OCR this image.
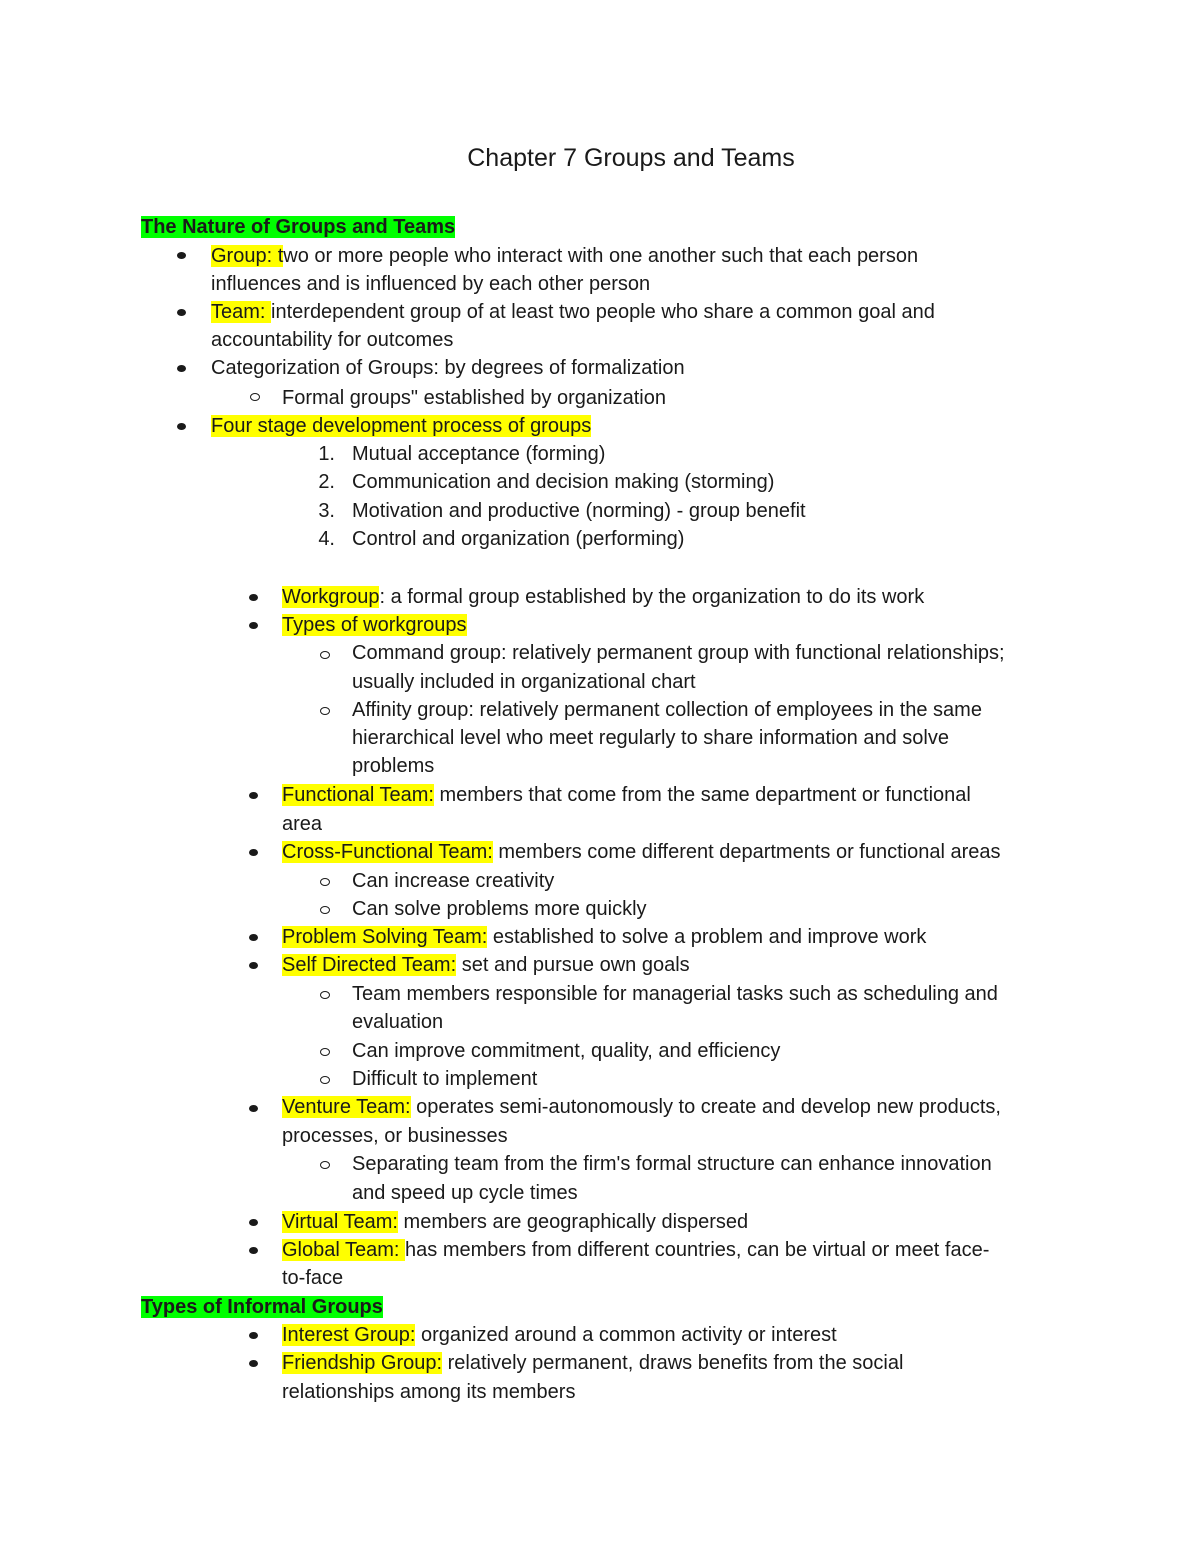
Chapter 7 Groups and Teams
The Nature of Groups and Teams
Group: two or more people who interact with one another such that each person
influences and is influenced by each other person
Team: interdependent group of at least two people who share a common goal and
accountability for outcomes
Categorization of Groups: by degrees of formalization
Formal groups" established by organization
Four stage development process of groups
1. Mutual acceptance (forming)
2. Communication and decision making (storming)
3. Motivation and productive (norming) - group benefit
4. Control and organization (performing)
Workgroup: a formal group established by the organization to do its work
Types of workgroups
Command group: relatively permanent group with functional relationships;
usually included in organizational chart
Affinity group: relatively permanent collection of employees in the same
hierarchical level who meet regularly to share information and solve
problems
Functional Team: members that come from the same department or functional
area
Cross-Functional Team: members come different departments or functional areas
Can increase creativity
Can solve problems more quickly
Problem Solving Team: established to solve a problem and improve work
Self Directed Team: set and pursue own goals
Team members responsible for managerial tasks such as scheduling and
evaluation
Can improve commitment, quality, and efficiency
Difficult to implement
Venture Team: operates semi-autonomously to create and develop new products,
processes, or businesses
Separating team from the firm's formal structure can enhance innovation
and speed up cycle times
Virtual Team: members are geographically dispersed
Global Team: has members from different countries, can be virtual or meet face-
to-face
Types of Informal Groups
Interest Group: organized around a common activity or interest
Friendship Group: relatively permanent, draws benefits from the social
relationships among its members
